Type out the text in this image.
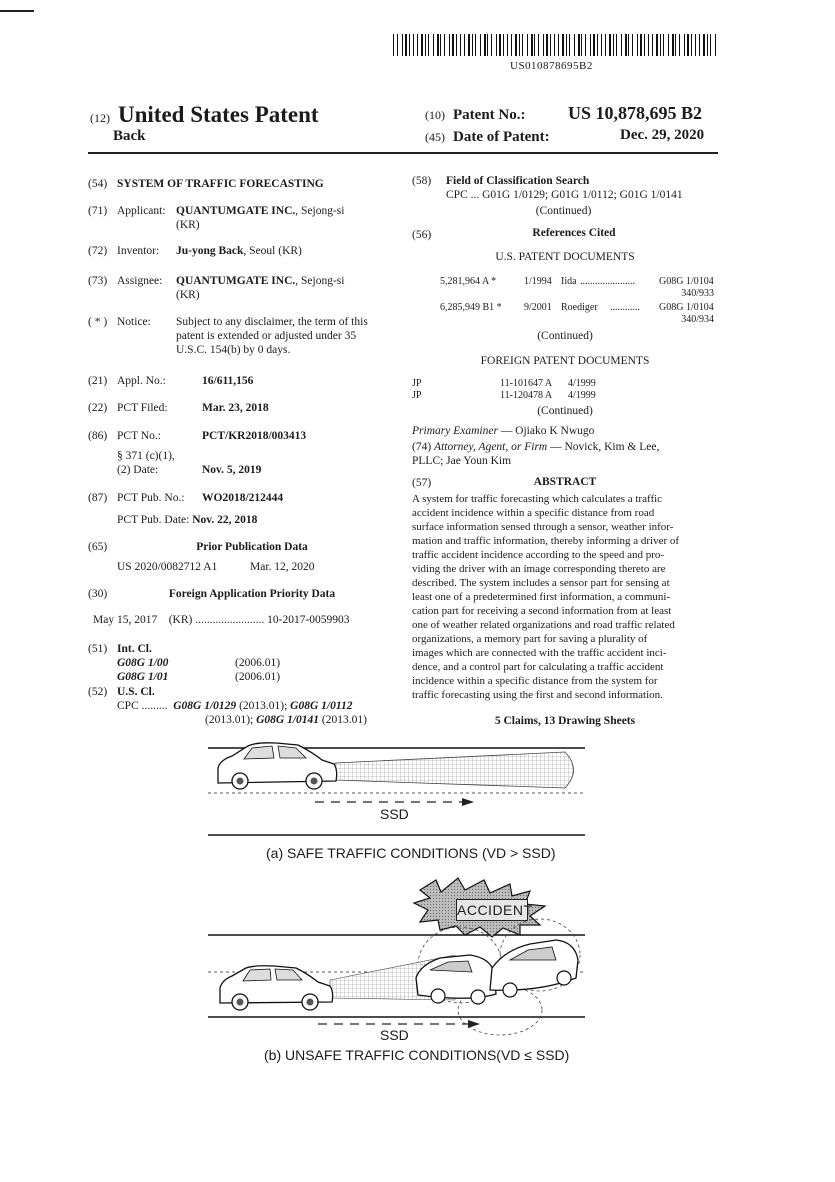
US010878695B2
(12) United States Patent
Back
(10) Patent No.: US 10,878,695 B2
(45) Date of Patent:	Dec. 29, 2020
(54) SYSTEM OF TRAFFIC FORECASTING
(71) Applicant: QUANTUMGATE INC., Sejong-si
(KR)
(72) Inventor: Ju-yong Back, Seoul (KR)
(73) Assignee: QUANTUMGATE INC., Sejong-si
(KR)
( * ) Notice: Subject to any disclaimer, the term of this
patent is extended or adjusted under 35
U.S.C. 154(b) by 0 days.
(21) Appl. No.:	16/611,156
(22) PCT Filed:	Mar. 23, 2018
(86) PCT No.:	PCT/KR2018/003413
§ 371 (c)(1),
(2) Date:	Nov. 5, 2019
(87) PCT Pub. No.: WO2018/212444
PCT Pub. Date: Nov. 22, 2018
(65)	Prior Publication Data
US 2020/0082712 A1	Mar. 12, 2020
(30)	Foreign Application Priority Data
May 15, 2017 (KR) ........................ 10-2017-0059903
(51) Int. Cl.
G08G 1/00	(2006.01)
G08G 1/01	(2006.01)
(52) U.S. Cl.
CPC ......... G08G 1/0129 (2013.01); G08G 1/0112
(2013.01); G08G 1/0141 (2013.01)
(58) Field of Classification Search
CPC ... G01G 1/0129; G01G 1/0112; G01G 1/0141
(Continued)
(56)	References Cited
U.S. PATENT DOCUMENTS
5,281,964 A *	1/1994 Iida ...................... G08G 1/0104
340/933
6,285,949 B1 * 9/2001 Roediger ............ G08G 1/0104
340/934
(Continued)
FOREIGN PATENT DOCUMENTS
JP	11-101647 A 4/1999
JP	11-120478 A 4/1999
(Continued)
Primary Examiner — Ojiako K Nwugo
(74) Attorney, Agent, or Firm — Novick, Kim & Lee,
PLLC; Jae Youn Kim
(57)	ABSTRACT
A system for traffic forecasting which calculates a traffic
accident incidence within a specific distance from road
surface information sensed through a sensor, weather infor-
mation and traffic information, thereby informing a driver of
traffic accident incidence according to the speed and pro-
viding the driver with an image corresponding thereto are
described. The system includes a sensor part for sensing at
least one of a predetermined first information, a communi-
cation part for receiving a second information from at least
one of weather related organizations and road traffic related
organizations, a memory part for saving a plurality of
images which are connected with the traffic accident inci-
dence, and a control part for calculating a traffic accident
incidence within a specific distance from the system for
traffic forecasting using the first and second information.
5 Claims, 13 Drawing Sheets
ACCIDENT
SSD
(a) SAFE TRAFFIC CONDITIONS (VD > SSD)
SSD
(b) UNSAFE TRAFFIC CONDITIONS(VD ≤ SSD)
